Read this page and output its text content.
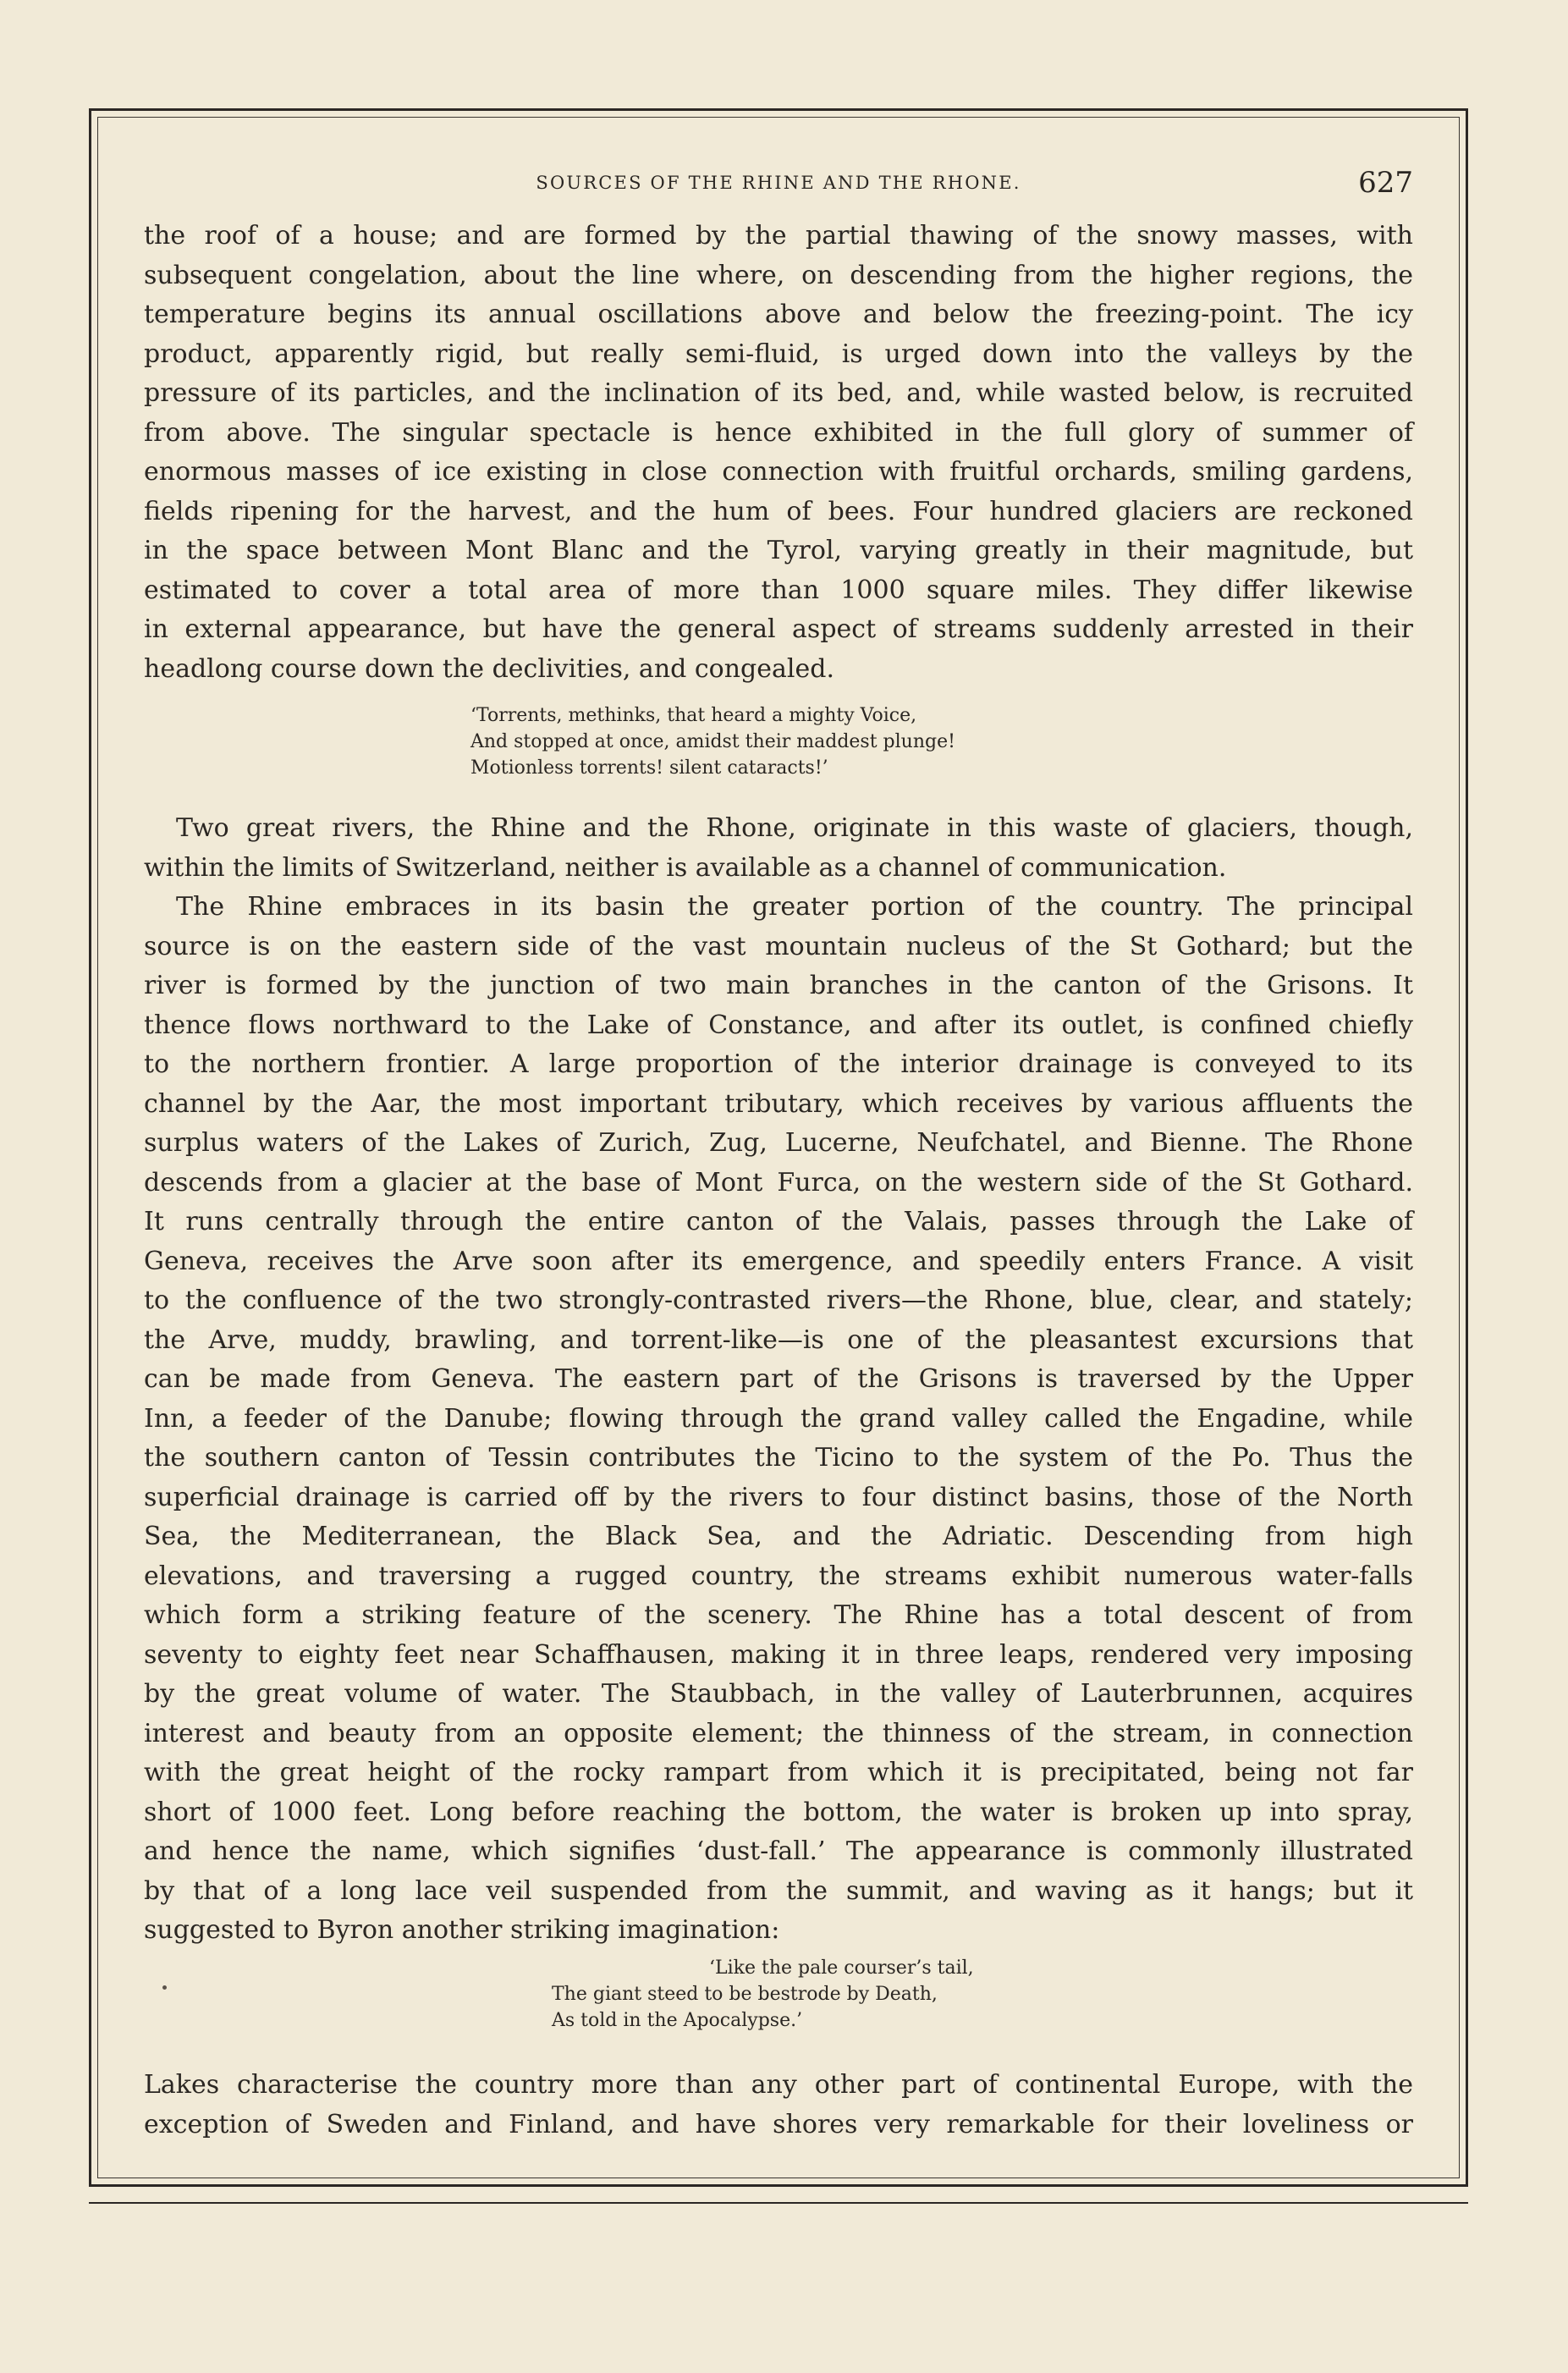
SOURCES OF THE RHINE AND THE RHONE.	627
the roof of a house; and are formed by the partial thawing of the snowy masses, with
subsequent congelation, about the line where, on descending from the higher regions, the
temperature begins its annual oscillations above and below the freezing-point. The icy
product, apparently rigid, but really semi-fluid, is urged down into the valleys by the
pressure of its particles, and the inclination of its bed, and, while wasted below, is recruited
from above. The singular spectacle is hence exhibited in the full glory of summer of
enormous masses of ice existing in close connection with fruitful orchards, smiling gardens,
fields ripening for the harvest, and the hum of bees. Four hundred glaciers are reckoned
in the space between Mont Blanc and the Tyrol, varying greatly in their magnitude, but
estimated to cover a total area of more than 1000 square miles. They differ likewise
in external appearance, but have the general aspect of streams suddenly arrested in their
headlong course down the declivities, and congealed.
‘Torrents, methinks, that heard a mighty Voice,
And stopped at once, amidst their maddest plunge!
Motionless torrents! silent cataracts!’
Two great rivers, the Rhine and the Rhone, originate in this waste of glaciers, though,
within the limits of Switzerland, neither is available as a channel of communication.
The Rhine embraces in its basin the greater portion of the country. The principal
source is on the eastern side of the vast mountain nucleus of the St Gothard; but the
river is formed by the junction of two main branches in the canton of the Grisons. It
thence flows northward to the Lake of Constance, and after its outlet, is confined chiefly
to the northern frontier. A large proportion of the interior drainage is conveyed to its
channel by the Aar, the most important tributary, which receives by various affluents the
surplus waters of the Lakes of Zurich, Zug, Lucerne, Neufchatel, and Bienne. The Rhone
descends from a glacier at the base of Mont Furca, on the western side of the St Gothard.
It runs centrally through the entire canton of the Valais, passes through the Lake of
Geneva, receives the Arve soon after its emergence, and speedily enters France. A visit
to the confluence of the two strongly-contrasted rivers—the Rhone, blue, clear, and stately;
the Arve, muddy, brawling, and torrent-like—is one of the pleasantest excursions that
can be made from Geneva. The eastern part of the Grisons is traversed by the Upper
Inn, a feeder of the Danube; flowing through the grand valley called the Engadine, while
the southern canton of Tessin contributes the Ticino to the system of the Po. Thus the
superficial drainage is carried off by the rivers to four distinct basins, those of the North
Sea, the Mediterranean, the Black Sea, and the Adriatic. Descending from high
elevations, and traversing a rugged country, the streams exhibit numerous water-falls
which form a striking feature of the scenery. The Rhine has a total descent of from
seventy to eighty feet near Schaffhausen, making it in three leaps, rendered very imposing
by the great volume of water. The Staubbach, in the valley of Lauterbrunnen, acquires
interest and beauty from an opposite element; the thinness of the stream, in connection
with the great height of the rocky rampart from which it is precipitated, being not far
short of 1000 feet. Long before reaching the bottom, the water is broken up into spray,
and hence the name, which signifies ‘dust-fall.’ The appearance is commonly illustrated
by that of a long lace veil suspended from the summit, and waving as it hangs; but it
suggested to Byron another striking imagination:
‘Like the pale courser’s tail,
The giant steed to be bestrode by Death,
As told in the Apocalypse.’
Lakes characterise the country more than any other part of continental Europe, with the
exception of Sweden and Finland, and have shores very remarkable for their loveliness or
